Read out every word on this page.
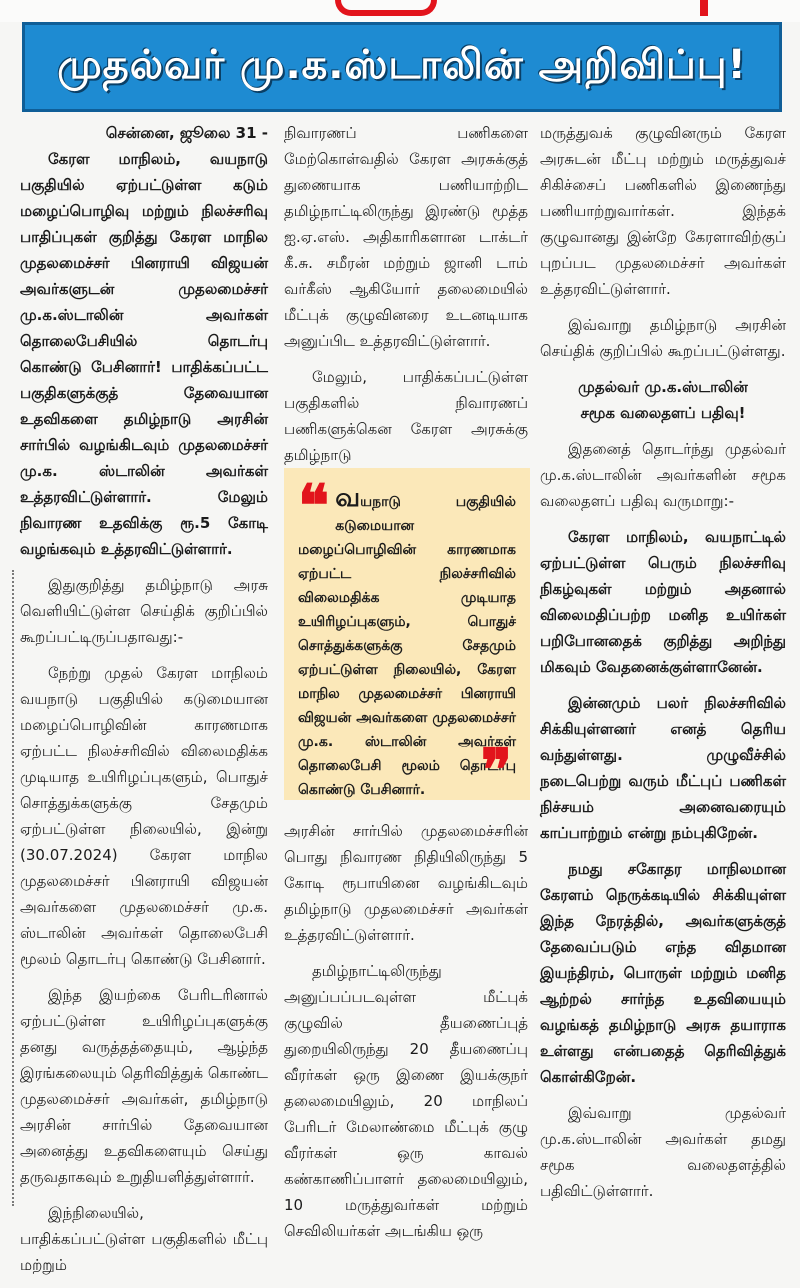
முதல்வர் மு.க.ஸ்டாலின் அறிவிப்பு!

சென்னை, ஜூலை 31 -

கேரள மாநிலம், வயநாடு பகுதியில் ஏற்பட்டுள்ள கடும் மழைப்பொழிவு மற்றும் நிலச்சரிவு பாதிப்புகள் குறித்து கேரள மாநில முதலமைச்சர் பினராயி விஜயன் அவர்களுடன் முதலமைச்சர் மு.க.ஸ்டாலின் அவர்கள் தொலைபேசியில் தொடர்பு கொண்டு பேசினார்! பாதிக்கப்பட்ட பகுதிகளுக்குத் தேவையான உதவிகளை தமிழ்நாடு அரசின் சார்பில் வழங்கிடவும் முதலமைச்சர் மு.க. ஸ்டாலின் அவர்கள் உத்தரவிட்டுள்ளார். மேலும் நிவாரண உதவிக்கு ரூ.5 கோடி வழங்கவும் உத்தரவிட்டுள்ளார்.

இதுகுறித்து தமிழ்நாடு அரசு வெளியிட்டுள்ள செய்திக் குறிப்பில் கூறப்பட்டிருப்பதாவது:-

நேற்று முதல் கேரள மாநிலம் வயநாடு பகுதியில் கடுமையான மழைப்பொழிவின் காரணமாக ஏற்பட்ட நிலச்சரிவில் விலைமதிக்க முடியாத உயிரிழப்புகளும், பொதுச் சொத்துக்களுக்கு சேதமும் ஏற்பட்டுள்ள நிலையில், இன்று (30.07.2024) கேரள மாநில முதலமைச்சர் பினராயி விஜயன் அவர்களை முதலமைச்சர் மு.க. ஸ்டாலின் அவர்கள் தொலைபேசி மூலம் தொடர்பு கொண்டு பேசினார்.

இந்த இயற்கை பேரிடரினால் ஏற்பட்டுள்ள உயிரிழப்புகளுக்கு தனது வருத்தத்தையும், ஆழ்ந்த இரங்கலையும் தெரிவித்துக் கொண்ட முதலமைச்சர் அவர்கள், தமிழ்நாடு அரசின் சார்பில் தேவையான அனைத்து உதவிகளையும் செய்து தருவதாகவும் உறுதியளித்துள்ளார்.

இந்நிலையில், பாதிக்கப்பட்டுள்ள பகுதிகளில் மீட்பு மற்றும்

நிவாரணப் பணிகளை மேற்கொள்வதில் கேரள அரசுக்குத் துணையாக பணியாற்றிட தமிழ்நாட்டிலிருந்து இரண்டு மூத்த ஐ.ஏ.எஸ். அதிகாரிகளான டாக்டர் கீ.சு. சமீரன் மற்றும் ஜானி டாம் வர்கீஸ் ஆகியோர் தலைமையில் மீட்புக் குழுவினரை உடனடியாக அனுப்பிட உத்தரவிட்டுள்ளார்.

மேலும், பாதிக்கப்பட்டுள்ள பகுதிகளில் நிவாரணப் பணிகளுக்கென கேரள அரசுக்கு தமிழ்நாடு

❝ வயநாடு பகுதியில் கடுமையான மழைப்பொழிவின் காரணமாக ஏற்பட்ட நிலச்சரிவில் விலைமதிக்க முடியாத உயிரிழப்புகளும், பொதுச் சொத்துக்களுக்கு சேதமும் ஏற்பட்டுள்ள நிலையில், கேரள மாநில முதலமைச்சர் பினராயி விஜயன் அவர்களை முதலமைச்சர் மு.க. ஸ்டாலின் அவர்கள் தொலைபேசி மூலம் தொடர்பு கொண்டு பேசினார். ❞

அரசின் சார்பில் முதலமைச்சரின் பொது நிவாரண நிதியிலிருந்து 5 கோடி ரூபாயினை வழங்கிடவும் தமிழ்நாடு முதலமைச்சர் அவர்கள் உத்தரவிட்டுள்ளார்.

தமிழ்நாட்டிலிருந்து அனுப்பப்படவுள்ள மீட்புக் குழுவில் தீயணைப்புத் துறையிலிருந்து 20 தீயணைப்பு வீரர்கள் ஒரு இணை இயக்குநர் தலைமையிலும், 20 மாநிலப் பேரிடர் மேலாண்மை மீட்புக் குழு வீரர்கள் ஒரு காவல் கண்காணிப்பாளர் தலைமையிலும், 10 மருத்துவர்கள் மற்றும் செவிலியர்கள் அடங்கிய ஒரு

மருத்துவக் குழுவினரும் கேரள அரசுடன் மீட்பு மற்றும் மருத்துவச் சிகிச்சைப் பணிகளில் இணைந்து பணியாற்றுவார்கள். இந்தக் குழுவானது இன்றே கேரளாவிற்குப் புறப்பட முதலமைச்சர் அவர்கள் உத்தரவிட்டுள்ளார்.

இவ்வாறு தமிழ்நாடு அரசின் செய்திக் குறிப்பில் கூறப்பட்டுள்ளது.

முதல்வர் மு.க.ஸ்டாலின்
சமூக வலைதளப் பதிவு!

இதனைத் தொடர்ந்து முதல்வர் மு.க.ஸ்டாலின் அவர்களின் சமூக வலைதளப் பதிவு வருமாறு:-

கேரள மாநிலம், வயநாட்டில் ஏற்பட்டுள்ள பெரும் நிலச்சரிவு நிகழ்வுகள் மற்றும் அதனால் விலைமதிப்பற்ற மனித உயிர்கள் பறிபோனதைக் குறித்து அறிந்து மிகவும் வேதனைக்குள்ளானேன்.

இன்னமும் பலர் நிலச்சரிவில் சிக்கியுள்ளனர் எனத் தெரிய வந்துள்ளது. முழுவீச்சில் நடைபெற்று வரும் மீட்புப் பணிகள் நிச்சயம் அனைவரையும் காப்பாற்றும் என்று நம்புகிறேன்.

நமது சகோதர மாநிலமான கேரளம் நெருக்கடியில் சிக்கியுள்ள இந்த நேரத்தில், அவர்களுக்குத் தேவைப்படும் எந்த விதமான இயந்திரம், பொருள் மற்றும் மனித ஆற்றல் சார்ந்த உதவியையும் வழங்கத் தமிழ்நாடு அரசு தயாராக உள்ளது என்பதைத் தெரிவித்துக் கொள்கிறேன்.

இவ்வாறு முதல்வர் மு.க.ஸ்டாலின் அவர்கள் தமது சமூக வலைதளத்தில் பதிவிட்டுள்ளார்.
